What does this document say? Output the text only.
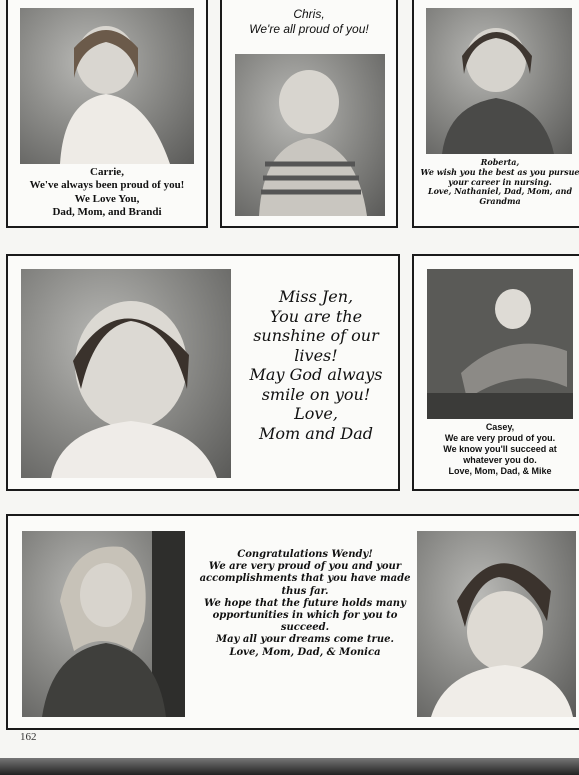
Carrie,
We've always been proud of you!
We Love You,
Dad, Mom, and Brandi
Chris,
We're all proud of you!
Roberta,
We wish you the best as you pursue
your career in nursing.
Love, Nathaniel, Dad, Mom, and
Grandma
Miss Jen,
You are the
sunshine of our
lives!
May God always
smile on you!
Love,
Mom and Dad	Casey,
We are very proud of you.
We know you'll succeed at
whatever you do.
Love, Mom, Dad, & Mike
Congratulations Wendy!
We are very proud of you and your
accomplishments that you have made thus far.
We hope that the future holds many
opportunities in which for you to succeed.
May all your dreams come true.
Love, Mom, Dad, & Monica
162
